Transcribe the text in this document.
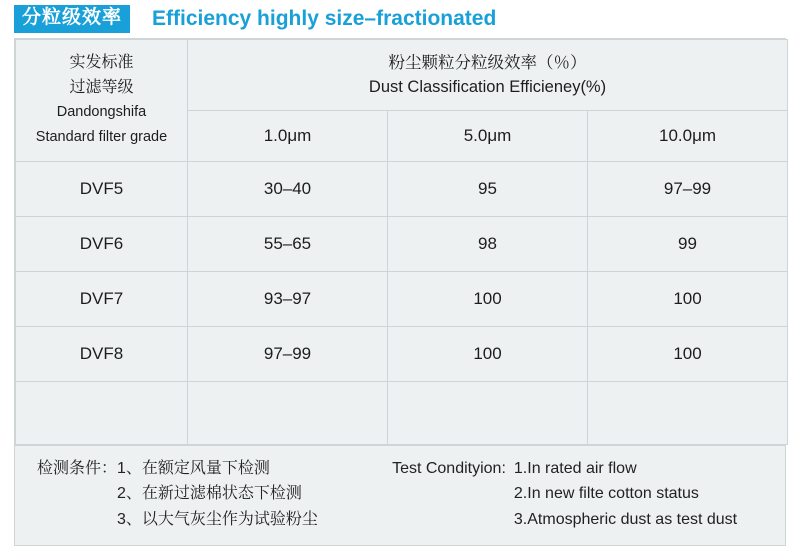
分粒级效率	Efficiency highly size–fractionated
实发标准
过滤等级
Dandongshifa
Standard filter grade	粉尘颗粒分粒级效率（％）
Dust Classification Efficieney(%)		

	1.0μm	5.0μm	10.0μm
DVF5	30–40	95	97–99
DVF6	55–65	98	99
DVF7	93–97	100	100
DVF8	97–99	100	100

检测条件： 1、在额定风量下检测
2、在新过滤棉状态下检测
3、以大气灰尘作为试验粉尘
Test Condityion: 1.In rated air flow
2.In new filte cotton status
3.Atmospheric dust as test dust
